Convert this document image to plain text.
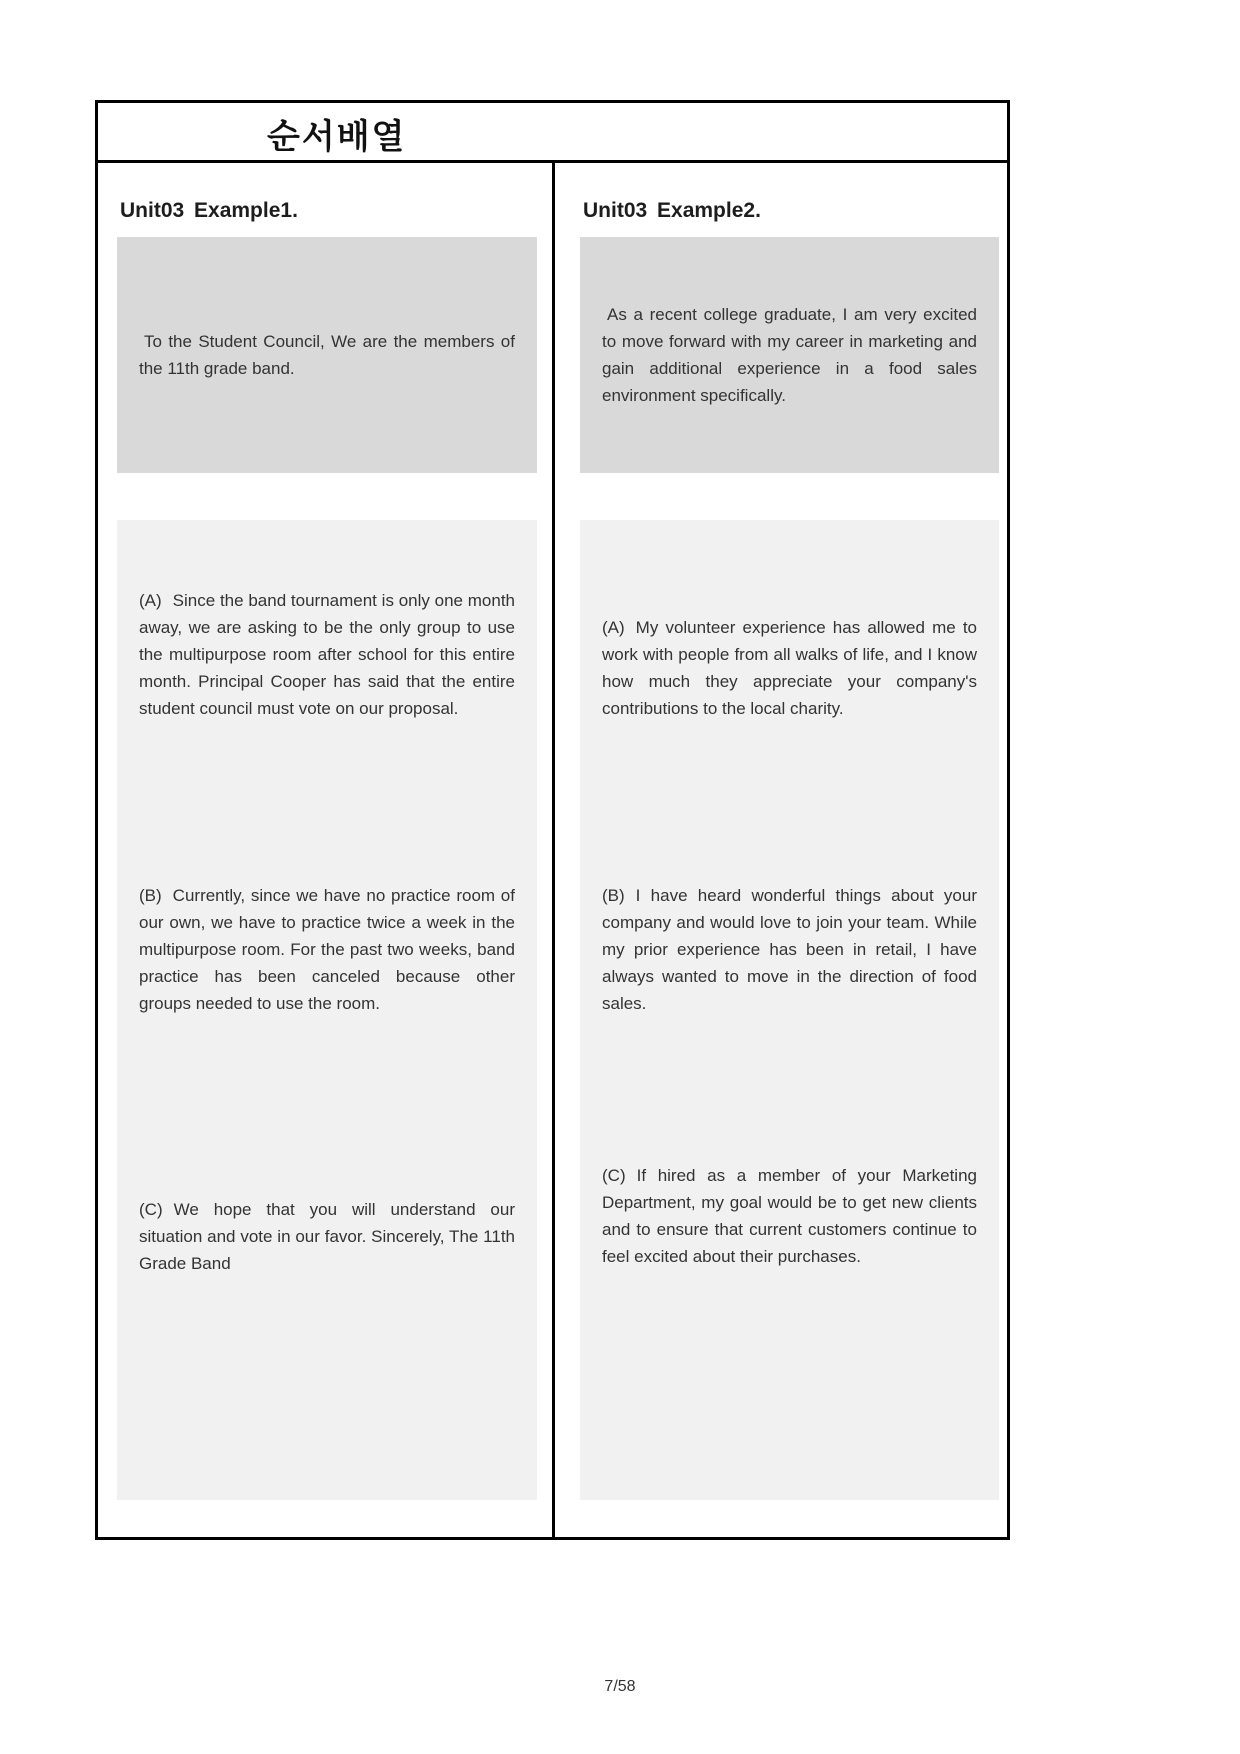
순서배열
Unit03 Example1.

To the Student Council, We are the members of the 11th grade band.

(A) Since the band tournament is only one month away, we are asking to be the only group to use the multipurpose room after school for this entire month. Principal Cooper has said that the entire student council must vote on our proposal.

(B) Currently, since we have no practice room of our own, we have to practice twice a week in the multipurpose room. For the past two weeks, band practice has been canceled because other groups needed to use the room.

(C) We hope that you will understand our situation and vote in our favor. Sincerely, The 11th Grade Band

Unit03 Example2.

As a recent college graduate, I am very excited to move forward with my career in marketing and gain additional experience in a food sales environment specifically.

(A) My volunteer experience has allowed me to work with people from all walks of life, and I know how much they appreciate your company's contributions to the local charity.

(B) I have heard wonderful things about your company and would love to join your team. While my prior experience has been in retail, I have always wanted to move in the direction of food sales.

(C) If hired as a member of your Marketing Department, my goal would be to get new clients and to ensure that current customers continue to feel excited about their purchases.

7/58
